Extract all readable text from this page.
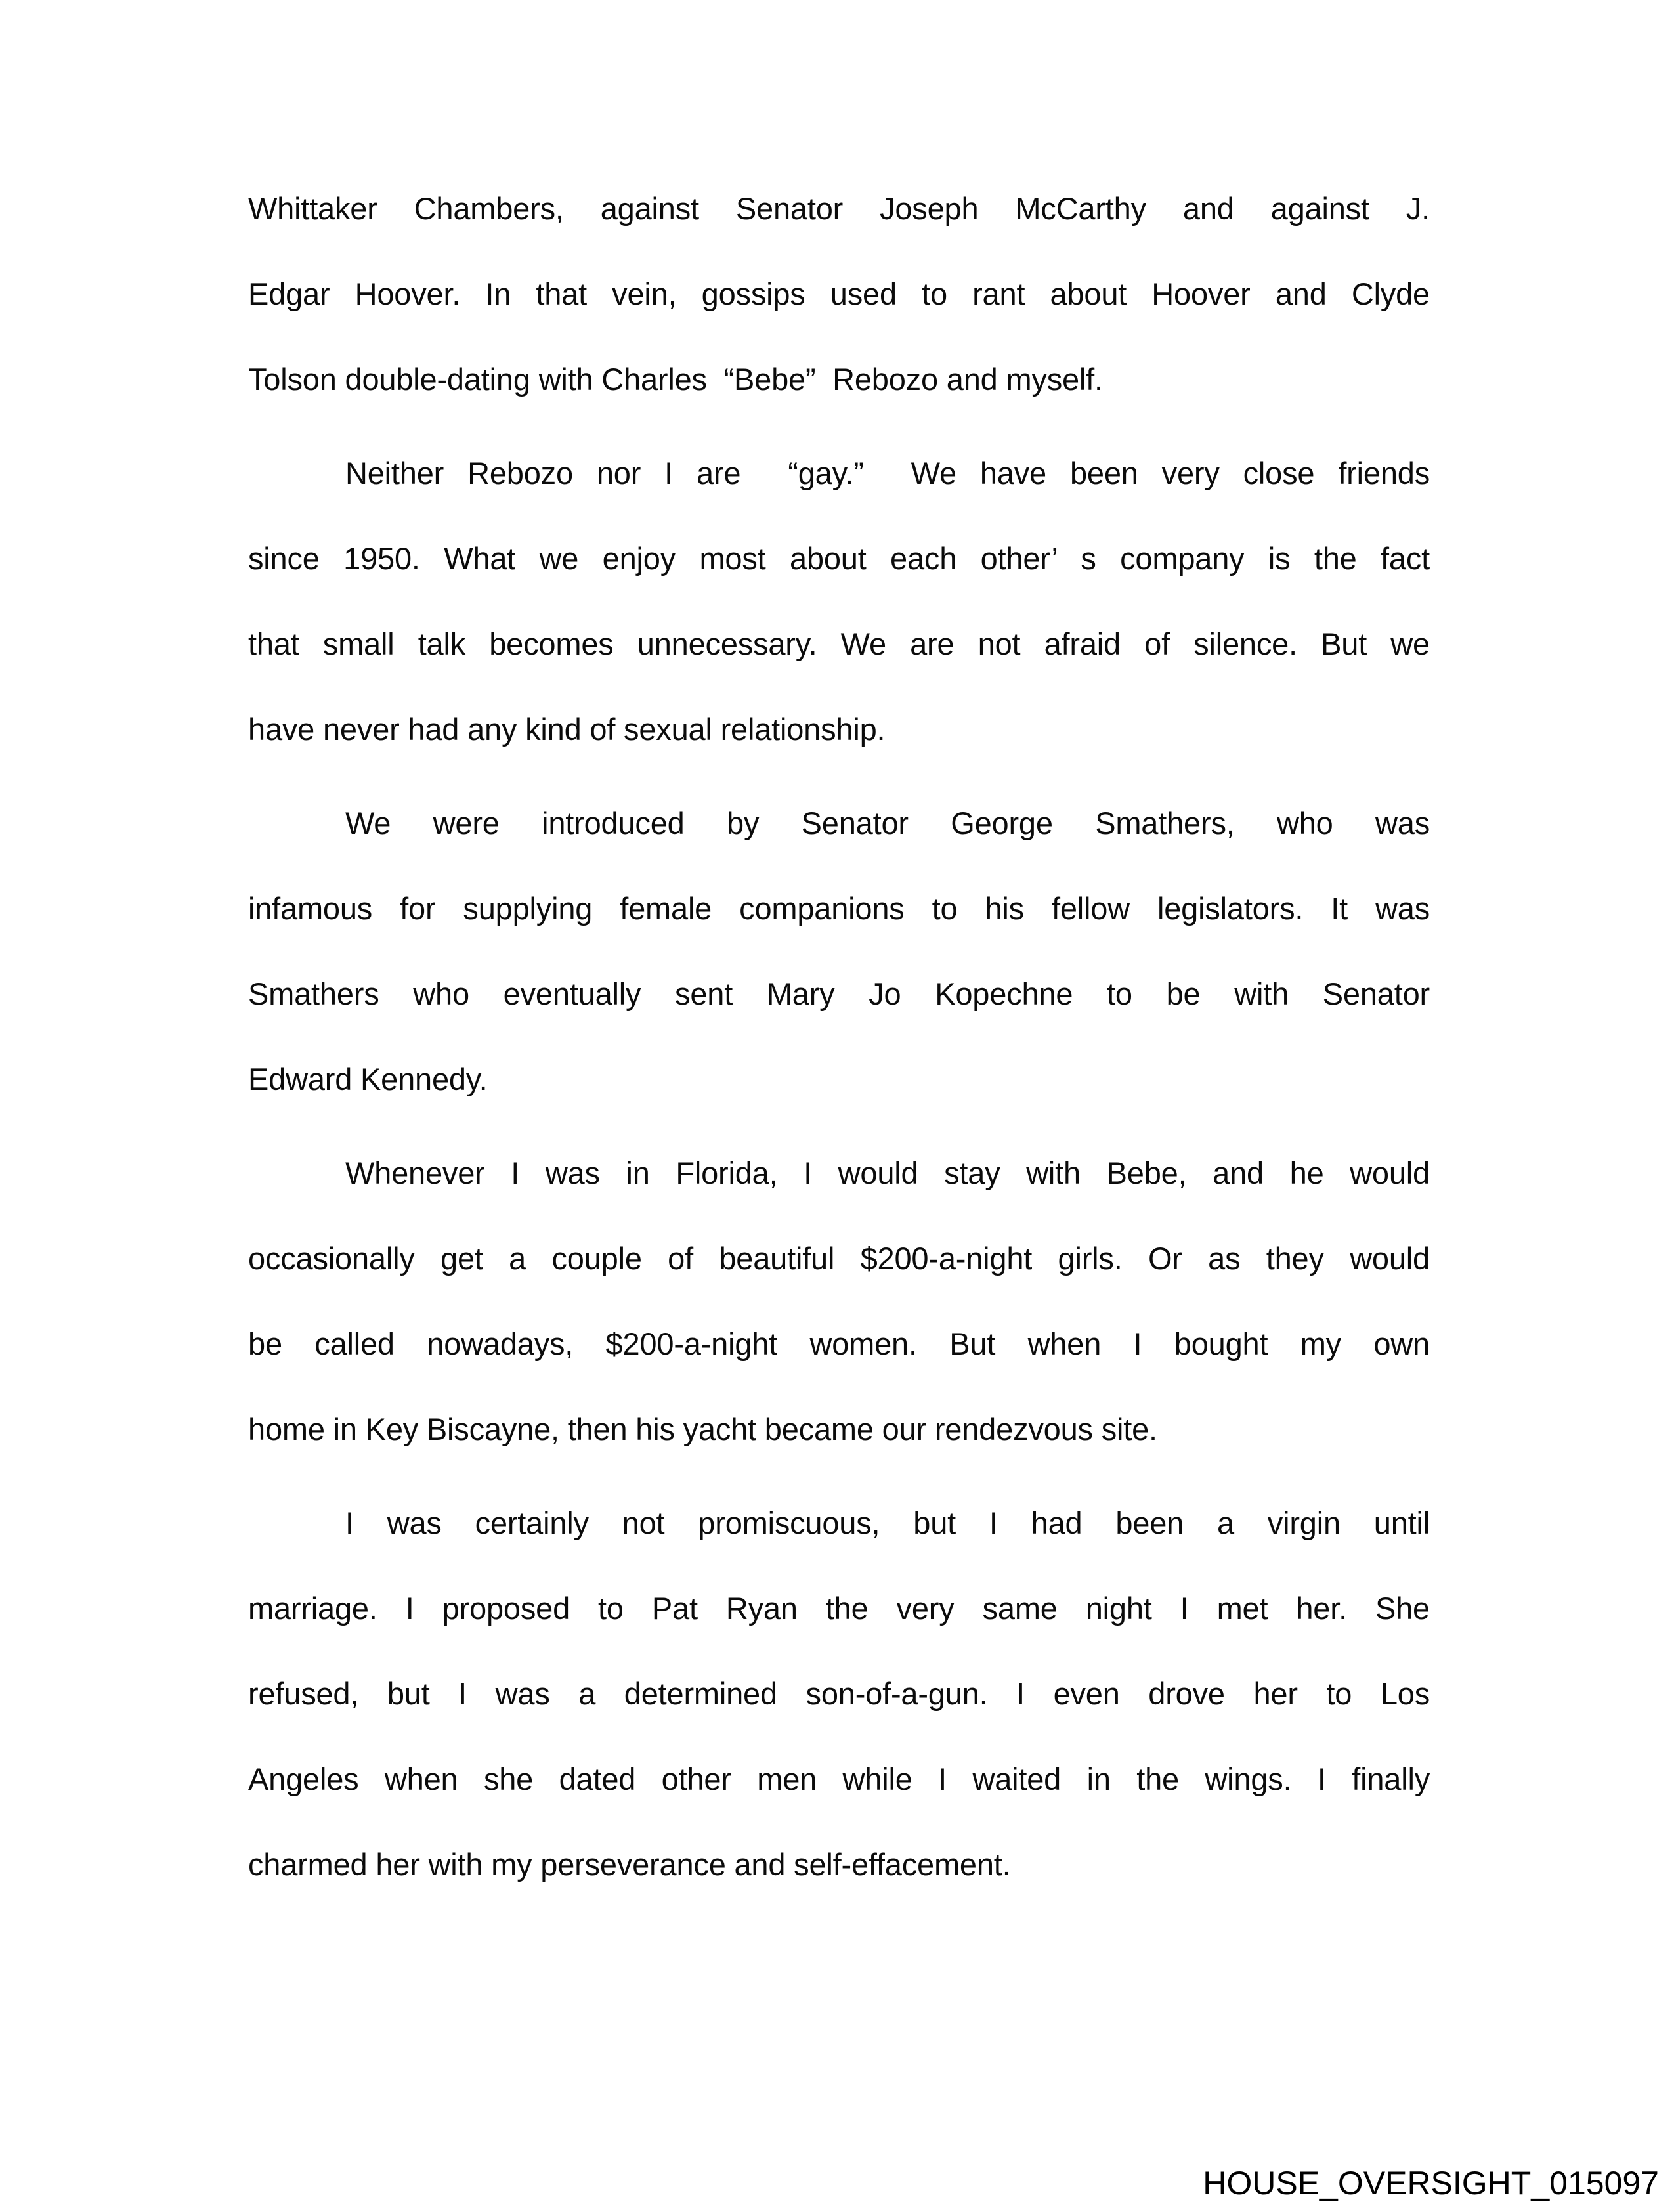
Whittaker Chambers, against Senator Joseph McCarthy and against J.
Edgar Hoover. In that vein, gossips used to rant about Hoover and Clyde
Tolson double-dating with Charles  “Bebe”  Rebozo and myself.
Neither Rebozo nor I are  “gay.”  We have been very close friends
since 1950. What we enjoy most about each other’ s company is the fact
that small talk becomes unnecessary. We are not afraid of silence. But we
have never had any kind of sexual relationship.
We were introduced by Senator George Smathers, who was
infamous for supplying female companions to his fellow legislators. It was
Smathers who eventually sent Mary Jo Kopechne to be with Senator
Edward Kennedy.
Whenever I was in Florida, I would stay with Bebe, and he would
occasionally get a couple of beautiful $200-a-night girls. Or as they would
be called nowadays, $200-a-night women. But when I bought my own
home in Key Biscayne, then his yacht became our rendezvous site.
I was certainly not promiscuous, but I had been a virgin until
marriage. I proposed to Pat Ryan the very same night I met her. She
refused, but I was a determined son-of-a-gun. I even drove her to Los
Angeles when she dated other men while I waited in the wings. I finally
charmed her with my perseverance and self-effacement.
HOUSE_OVERSIGHT_015097
